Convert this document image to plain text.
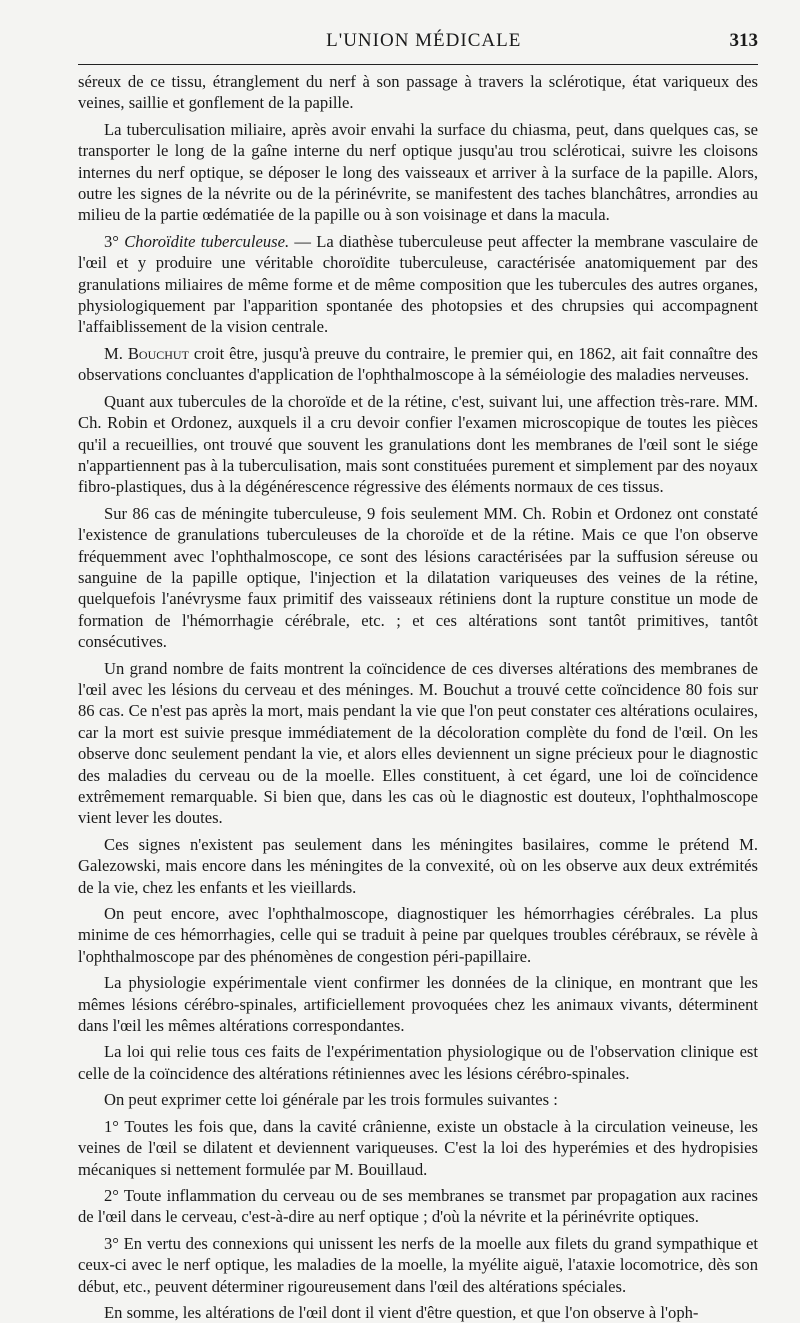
L'UNION MÉDICALE	313

séreux de ce tissu, étranglement du nerf à son passage à travers la sclérotique, état variqueux des veines, saillie et gonflement de la papille.

La tuberculisation miliaire, après avoir envahi la surface du chiasma, peut, dans quelques cas, se transporter le long de la gaîne interne du nerf optique jusqu'au trou scléroticai, suivre les cloisons internes du nerf optique, se déposer le long des vaisseaux et arriver à la surface de la papille. Alors, outre les signes de la névrite ou de la périnévrite, se manifestent des taches blanchâtres, arrondies au milieu de la partie œdématiée de la papille ou à son voisinage et dans la macula.

3° Choroïdite tuberculeuse. — La diathèse tuberculeuse peut affecter la membrane vasculaire de l'œil et y produire une véritable choroïdite tuberculeuse, caractérisée anatomiquement par des granulations miliaires de même forme et de même composition que les tubercules des autres organes, physiologiquement par l'apparition spontanée des photopsies et des chrupsies qui accompagnent l'affaiblissement de la vision centrale.

M. Bouchut croit être, jusqu'à preuve du contraire, le premier qui, en 1862, ait fait connaître des observations concluantes d'application de l'ophthalmoscope à la séméiologie des maladies nerveuses.

Quant aux tubercules de la choroïde et de la rétine, c'est, suivant lui, une affection très-rare. MM. Ch. Robin et Ordonez, auxquels il a cru devoir confier l'examen microscopique de toutes les pièces qu'il a recueillies, ont trouvé que souvent les granulations dont les membranes de l'œil sont le siége n'appartiennent pas à la tuberculisation, mais sont constituées purement et simplement par des noyaux fibro-plastiques, dus à la dégénérescence régressive des éléments normaux de ces tissus.

Sur 86 cas de méningite tuberculeuse, 9 fois seulement MM. Ch. Robin et Ordonez ont constaté l'existence de granulations tuberculeuses de la choroïde et de la rétine. Mais ce que l'on observe fréquemment avec l'ophthalmoscope, ce sont des lésions caractérisées par la suffusion séreuse ou sanguine de la papille optique, l'injection et la dilatation variqueuses des veines de la rétine, quelquefois l'anévrysme faux primitif des vaisseaux rétiniens dont la rupture constitue un mode de formation de l'hémorrhagie cérébrale, etc. ; et ces altérations sont tantôt primitives, tantôt consécutives.

Un grand nombre de faits montrent la coïncidence de ces diverses altérations des membranes de l'œil avec les lésions du cerveau et des méninges. M. Bouchut a trouvé cette coïncidence 80 fois sur 86 cas. Ce n'est pas après la mort, mais pendant la vie que l'on peut constater ces altérations oculaires, car la mort est suivie presque immédiatement de la décoloration complète du fond de l'œil. On les observe donc seulement pendant la vie, et alors elles deviennent un signe précieux pour le diagnostic des maladies du cerveau ou de la moelle. Elles constituent, à cet égard, une loi de coïncidence extrêmement remarquable. Si bien que, dans les cas où le diagnostic est douteux, l'ophthalmoscope vient lever les doutes.

Ces signes n'existent pas seulement dans les méningites basilaires, comme le prétend M. Galezowski, mais encore dans les méningites de la convexité, où on les observe aux deux extrémités de la vie, chez les enfants et les vieillards.

On peut encore, avec l'ophthalmoscope, diagnostiquer les hémorrhagies cérébrales. La plus minime de ces hémorrhagies, celle qui se traduit à peine par quelques troubles cérébraux, se révèle à l'ophthalmoscope par des phénomènes de congestion péri-papillaire.

La physiologie expérimentale vient confirmer les données de la clinique, en montrant que les mêmes lésions cérébro-spinales, artificiellement provoquées chez les animaux vivants, déterminent dans l'œil les mêmes altérations correspondantes.

La loi qui relie tous ces faits de l'expérimentation physiologique ou de l'observation clinique est celle de la coïncidence des altérations rétiniennes avec les lésions cérébro-spinales.

On peut exprimer cette loi générale par les trois formules suivantes :

1° Toutes les fois que, dans la cavité crânienne, existe un obstacle à la circulation veineuse, les veines de l'œil se dilatent et deviennent variqueuses. C'est la loi des hyperémies et des hydropisies mécaniques si nettement formulée par M. Bouillaud.

2° Toute inflammation du cerveau ou de ses membranes se transmet par propagation aux racines de l'œil dans le cerveau, c'est-à-dire au nerf optique ; d'où la névrite et la périnévrite optiques.

3° En vertu des connexions qui unissent les nerfs de la moelle aux filets du grand sympathique et ceux-ci avec le nerf optique, les maladies de la moelle, la myélite aiguë, l'ataxie locomotrice, dès son début, etc., peuvent déterminer rigoureusement dans l'œil des altérations spéciales.

En somme, les altérations de l'œil dont il vient d'être question, et que l'on observe à l'oph-
